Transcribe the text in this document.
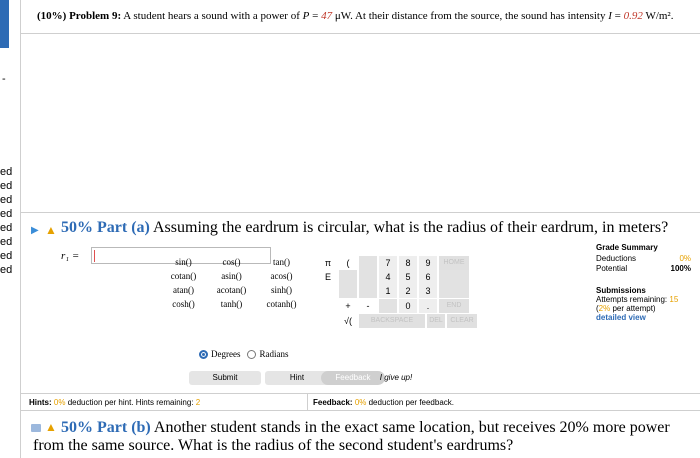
-
ed
ed
ed
ed
ed
ed
ed
ed
(10%) Problem 9: A student hears a sound with a power of P = 47 μW. At their distance from the source, the sound has intensity I = 0.92 W/m².
▶ ▲ 50% Part (a) Assuming the eardrum is circular, what is the radius of their eardrum, in meters?
r₁ =
Grade Summary
Deductions	0%
Potential	100%
Submissions
Attempts remaining: 15
(2% per attempt)
detailed view
sin()	cos()	tan()
cotan()	asin()	acos()
atan()	acotan()	sinh()
cosh()	tanh()	cotanh()
π	(
E
+	-
√(
7	8	9
4	5	6
1	2	3
0	.
HOME
END
BACKSPACE	DEL	CLEAR
Degrees Radians
Submit	Hint	Feedback	I give up!
Hints: 0% deduction per hint. Hints remaining: 2	Feedback: 0% deduction per feedback.
▲ 50% Part (b) Another student stands in the exact same location, but receives 20% more power
from the same source. What is the radius of the second student's eardrums?
